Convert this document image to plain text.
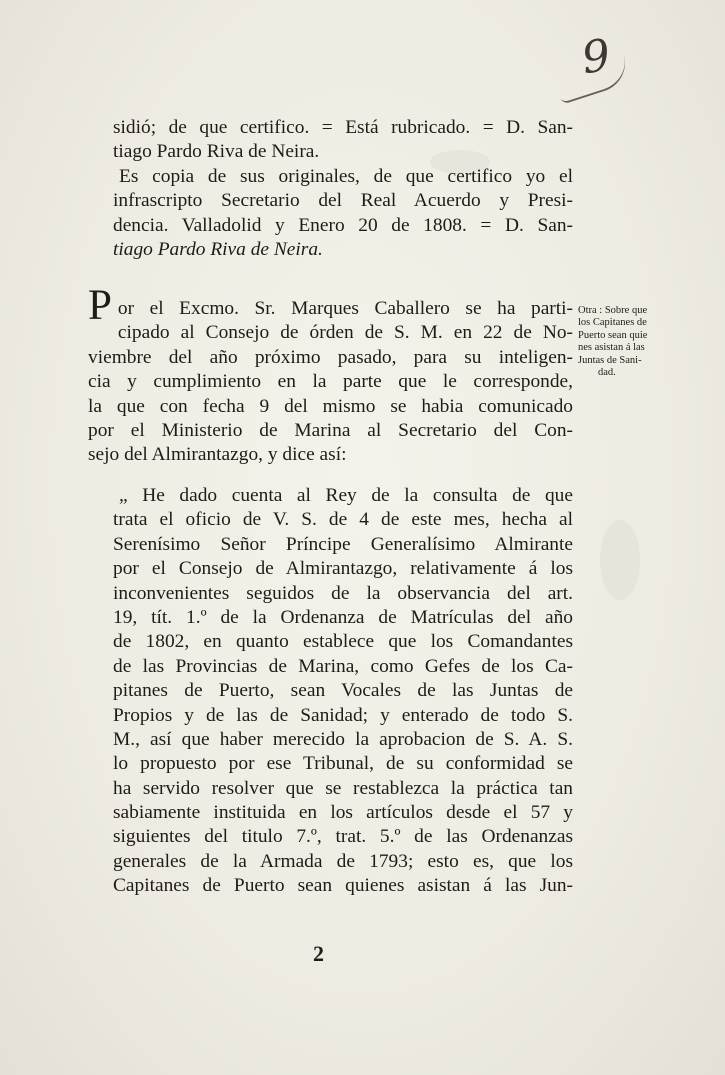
9
sidió; de que certifico. = Está rubricado. = D. San-
tiago Pardo Riva de Neira.
Es copia de sus originales, de que certifico yo el
infrascripto Secretario del Real Acuerdo y Presi-
dencia. Valladolid y Enero 20 de 1808. = D. San-
tiago Pardo Riva de Neira.
P or el Excmo. Sr. Marques Caballero se ha parti-
cipado al Consejo de órden de S. M. en 22 de No-
viembre del año próximo pasado, para su inteligen-
cia y cumplimiento en la parte que le corresponde,
la que con fecha 9 del mismo se habia comunicado
por el Ministerio de Marina al Secretario del Con-
sejo del Almirantazgo, y dice así:
Otra : Sobre que
los Capitanes de
Puerto sean quie
nes asistan á las
Juntas de Sani-
dad.
„ He dado cuenta al Rey de la consulta de que
trata el oficio de V. S. de 4 de este mes, hecha al
Serenísimo Señor Príncipe Generalísimo Almirante
por el Consejo de Almirantazgo, relativamente á los
inconvenientes seguidos de la observancia del art.
19, tít. 1.º de la Ordenanza de Matrículas del año
de 1802, en quanto establece que los Comandantes
de las Provincias de Marina, como Gefes de los Ca-
pitanes de Puerto, sean Vocales de las Juntas de
Propios y de las de Sanidad; y enterado de todo S.
M., así que haber merecido la aprobacion de S. A. S.
lo propuesto por ese Tribunal, de su conformidad se
ha servido resolver que se restablezca la práctica tan
sabiamente instituida en los artículos desde el 57 y
siguientes del titulo 7.º, trat. 5.º de las Ordenanzas
generales de la Armada de 1793; esto es, que los
Capitanes de Puerto sean quienes asistan á las Jun-
2
